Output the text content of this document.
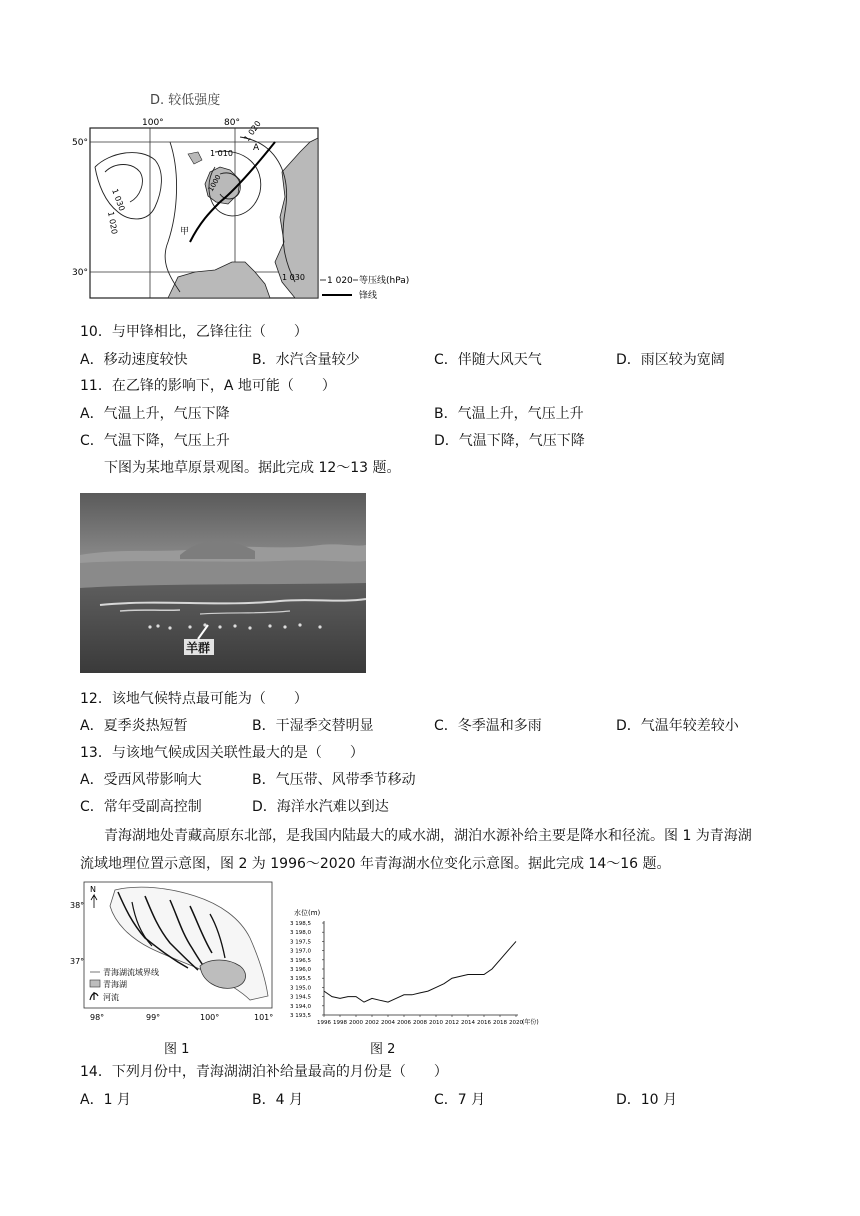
D. 较低强度
100°	80°
50°
30°
1 030
1 020
1 010
1000
1 020
1 030
A
甲
1 020 等压线(hPa)
锋线
10．与甲锋相比，乙锋往往（　　）
A．移动速度较快	B．水汽含量较少	C．伴随大风天气	D．雨区较为宽阔
11．在乙锋的影响下，A 地可能（　　）
A．气温上升，气压下降	B．气温上升，气压上升
C．气温下降，气压上升	D．气温下降，气压下降
下图为某地草原景观图。据此完成 12～13 题。
羊群
12．该地气候特点最可能为（　　）
A．夏季炎热短暂	B．干湿季交替明显	C．冬季温和多雨	D．气温年较差较小
13．与该地气候成因关联性最大的是（　　）
A．受西风带影响大	B．气压带、风带季节移动
C．常年受副高控制	D．海洋水汽难以到达
青海湖地处青藏高原东北部，是我国内陆最大的咸水湖，湖泊水源补给主要是降水和径流。图 1 为青海湖
流域地理位置示意图，图 2 为 1996～2020 年青海湖水位变化示意图。据此完成 14～16 题。
N
38°
37°
98°	99°	100°	101°
青海湖流域界线
青海湖
河流
图 1
水位(m)
3 193,5
3 194,0
3 194,5
3 195,0
3 195,5
3 196,0
3 196,5
3 197,0
3 197,5
3 198,0
3 198,5
1996 1998 2000 2002 2004 2006 2008 2010 2012 2014 2016 2018 2020 (年份)
图 2
14．下列月份中，青海湖湖泊补给量最高的月份是（　　）
A．1 月	B．4 月	C．7 月	D．10 月
